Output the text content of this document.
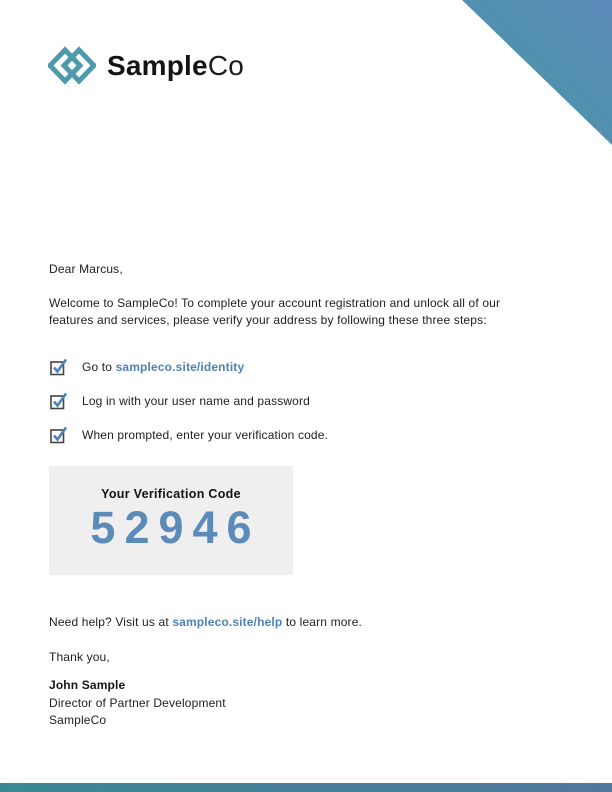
SampleCo
Dear Marcus,
Welcome to SampleCo! To complete your account registration and unlock all of our
features and services, please verify your address by following these three steps:
Go to sampleco.site/identity
Log in with your user name and password
When prompted, enter your verification code.
Your Verification Code
52946
Need help? Visit us at sampleco.site/help to learn more.
Thank you,
John Sample
Director of Partner Development
SampleCo
